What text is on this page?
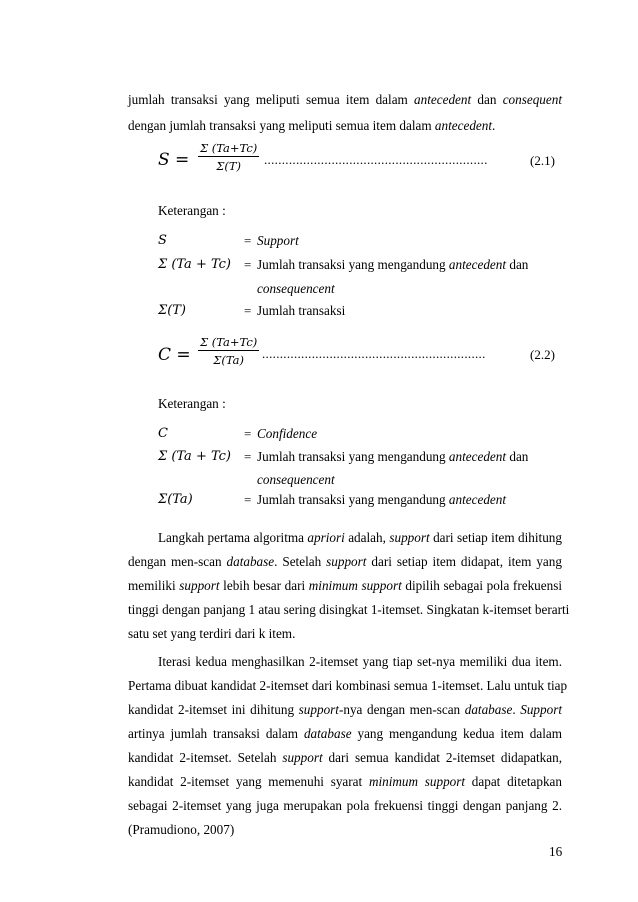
jumlah transaksi yang meliputi semua item dalam antecedent dan consequent
dengan jumlah transaksi yang meliputi semua item dalam antecedent.
$S = \frac{\Sigma (Ta+Tc)}{\Sigma(T)}$ ...............................................................	(2.1)
Keterangan :
S	= Support
Σ (Ta + Tc) = Jumlah transaksi yang mengandung antecedent dan
consequencent
Σ(T)	= Jumlah transaksi
$C = \frac{\Sigma (Ta+Tc)}{\Sigma(Ta)}$ ...............................................................	(2.2)
Keterangan :
C	= Confidence
Σ (Ta + Tc) = Jumlah transaksi yang mengandung antecedent dan
consequencent
Σ(Ta)	= Jumlah transaksi yang mengandung antecedent
Langkah pertama algoritma apriori adalah, support dari setiap item dihitung
dengan men-scan database. Setelah support dari setiap item didapat, item yang
memiliki support lebih besar dari minimum support dipilih sebagai pola frekuensi
tinggi dengan panjang 1 atau sering disingkat 1-itemset. Singkatan k-itemset berarti
satu set yang terdiri dari k item.
Iterasi kedua menghasilkan 2-itemset yang tiap set-nya memiliki dua item.
Pertama dibuat kandidat 2-itemset dari kombinasi semua 1-itemset. Lalu untuk tiap
kandidat 2-itemset ini dihitung support-nya dengan men-scan database. Support
artinya jumlah transaksi dalam database yang mengandung kedua item dalam
kandidat 2-itemset. Setelah support dari semua kandidat 2-itemset didapatkan,
kandidat 2-itemset yang memenuhi syarat minimum support dapat ditetapkan
sebagai 2-itemset yang juga merupakan pola frekuensi tinggi dengan panjang 2.
(Pramudiono, 2007)
16
